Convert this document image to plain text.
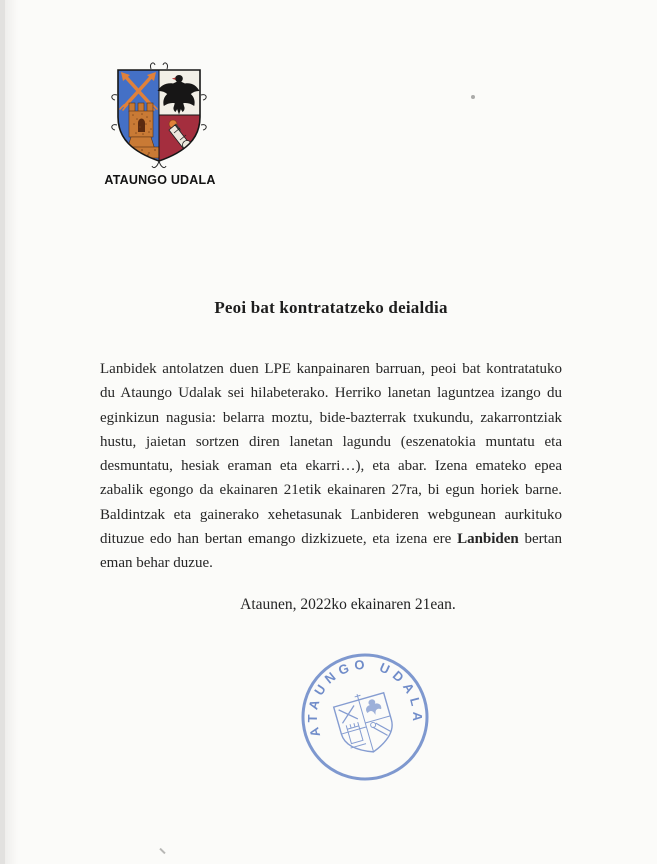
ATAUNGO UDALA
Peoi bat kontratatzeko deialdia
Lanbidek antolatzen duen LPE kanpainaren barruan, peoi bat kontratatuko
du Ataungo Udalak sei hilabeterako. Herriko lanetan laguntzea izango du
eginkizun nagusia: belarra moztu, bide-bazterrak txukundu, zakarrontziak
hustu, jaietan sortzen diren lanetan lagundu (eszenatokia muntatu eta
desmuntatu, hesiak eraman eta ekarri…), eta abar. Izena emateko epea
zabalik egongo da ekainaren 21etik ekainaren 27ra, bi egun horiek barne.
Baldintzak eta gainerako xehetasunak Lanbideren webgunean aurkituko
dituzue edo han bertan emango dizkizuete, eta izena ere Lanbiden bertan
eman behar duzue.
Ataunen, 2022ko ekainaren 21ean.
ATAUNGO UDALA
